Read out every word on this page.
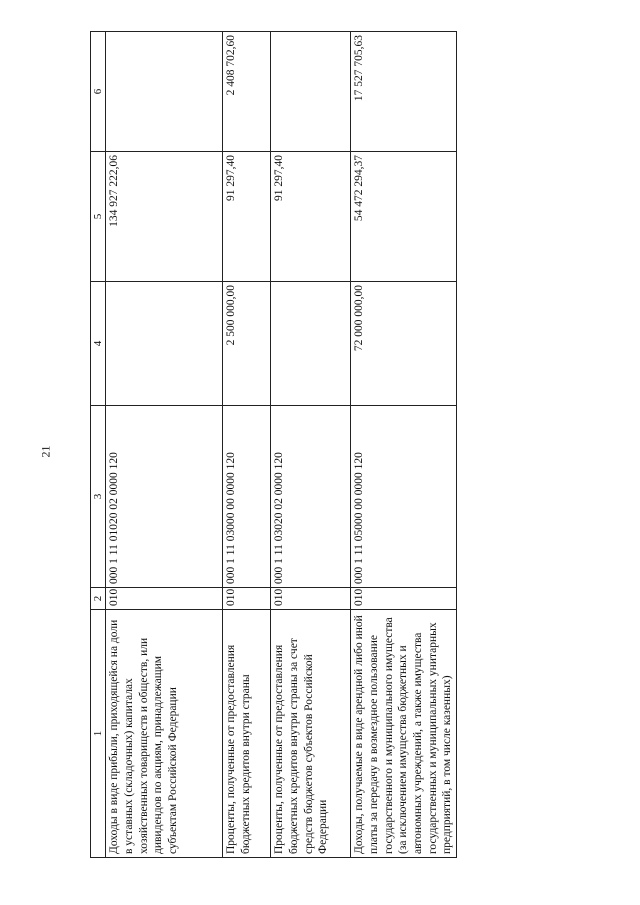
21
1	2	3	4	5	6
Доходы в виде прибыли, приходящейся на доли в уставных (складочных) капиталах хозяйственных товариществ и обществ, или дивидендов по акциям, принадлежащим субъектам Российской Федерации	010	000 1 11 01020 02 0000 120		134 927 222,06	
Проценты, полученные от предоставления бюджетных кредитов внутри страны	010	000 1 11 03000 00 0000 120	2 500 000,00	91 297,40	2 408 702,60
Проценты, полученные от предоставления бюджетных кредитов внутри страны за счет средств бюджетов субъектов Российской Федерации	010	000 1 11 03020 02 0000 120		91 297,40	
Доходы, получаемые в виде арендной либо иной платы за передачу в возмездное пользование государственного и муниципального имущества (за исключением имущества бюджетных и автономных учреждений, а также имущества государственных и муниципальных унитарных предприятий, в том числе казенных)	010	000 1 11 05000 00 0000 120	72 000 000,00	54 472 294,37	17 527 705,63
